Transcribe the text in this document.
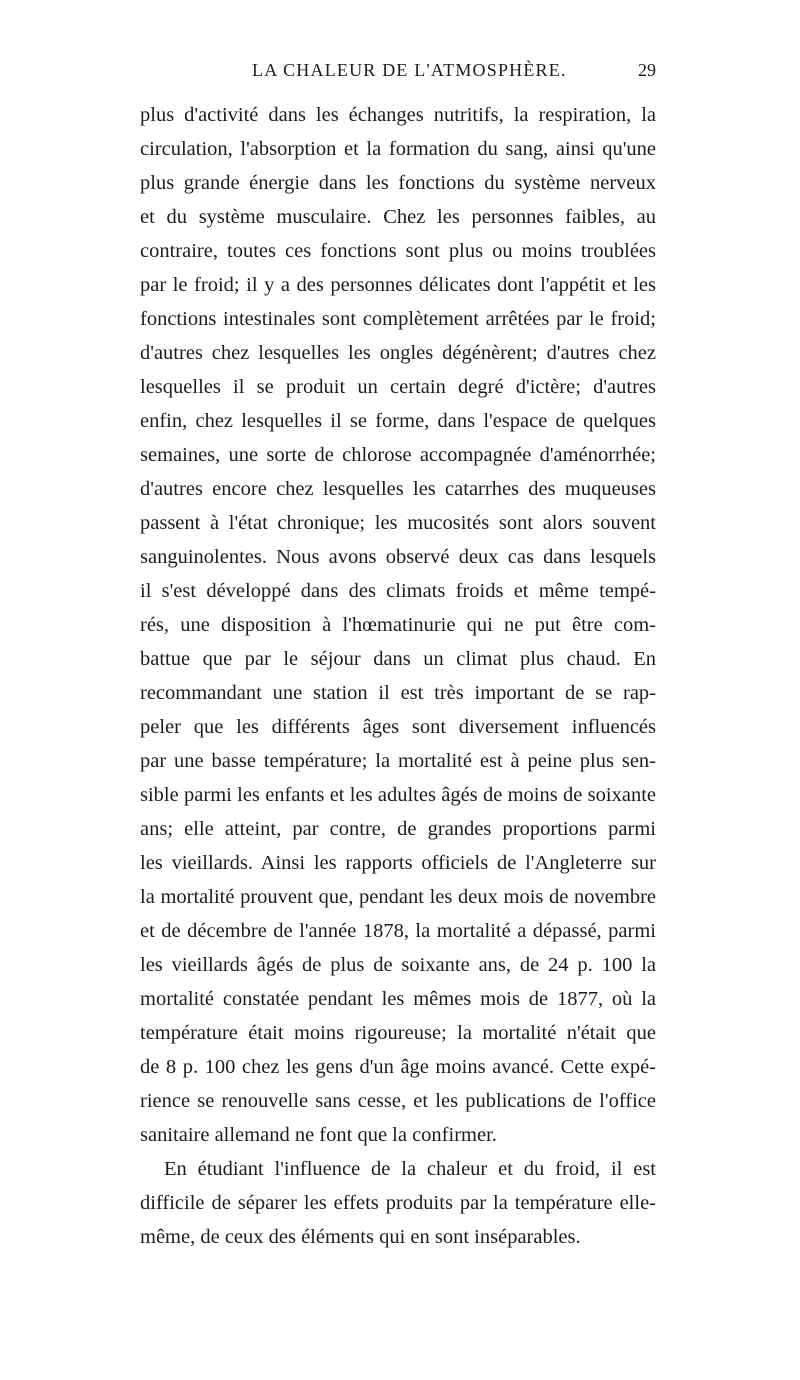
LA CHALEUR DE L'ATMOSPHÈRE.	29
plus d'activité dans les échanges nutritifs, la respiration, la
circulation, l'absorption et la formation du sang, ainsi qu'une
plus grande énergie dans les fonctions du système nerveux
et du système musculaire. Chez les personnes faibles, au
contraire, toutes ces fonctions sont plus ou moins troublées
par le froid; il y a des personnes délicates dont l'appétit et les
fonctions intestinales sont complètement arrêtées par le froid;
d'autres chez lesquelles les ongles dégénèrent; d'autres chez
lesquelles il se produit un certain degré d'ictère; d'autres
enfin, chez lesquelles il se forme, dans l'espace de quelques
semaines, une sorte de chlorose accompagnée d'aménorrhée;
d'autres encore chez lesquelles les catarrhes des muqueuses
passent à l'état chronique; les mucosités sont alors souvent
sanguinolentes. Nous avons observé deux cas dans lesquels
il s'est développé dans des climats froids et même tempé-
rés, une disposition à l'hœmatinurie qui ne put être com-
battue que par le séjour dans un climat plus chaud. En
recommandant une station il est très important de se rap-
peler que les différents âges sont diversement influencés
par une basse température; la mortalité est à peine plus sen-
sible parmi les enfants et les adultes âgés de moins de soixante
ans; elle atteint, par contre, de grandes proportions parmi
les vieillards. Ainsi les rapports officiels de l'Angleterre sur
la mortalité prouvent que, pendant les deux mois de novembre
et de décembre de l'année 1878, la mortalité a dépassé, parmi
les vieillards âgés de plus de soixante ans, de 24 p. 100 la
mortalité constatée pendant les mêmes mois de 1877, où la
température était moins rigoureuse; la mortalité n'était que
de 8 p. 100 chez les gens d'un âge moins avancé. Cette expé-
rience se renouvelle sans cesse, et les publications de l'office
sanitaire allemand ne font que la confirmer.
En étudiant l'influence de la chaleur et du froid, il est
difficile de séparer les effets produits par la température elle-
même, de ceux des éléments qui en sont inséparables.
